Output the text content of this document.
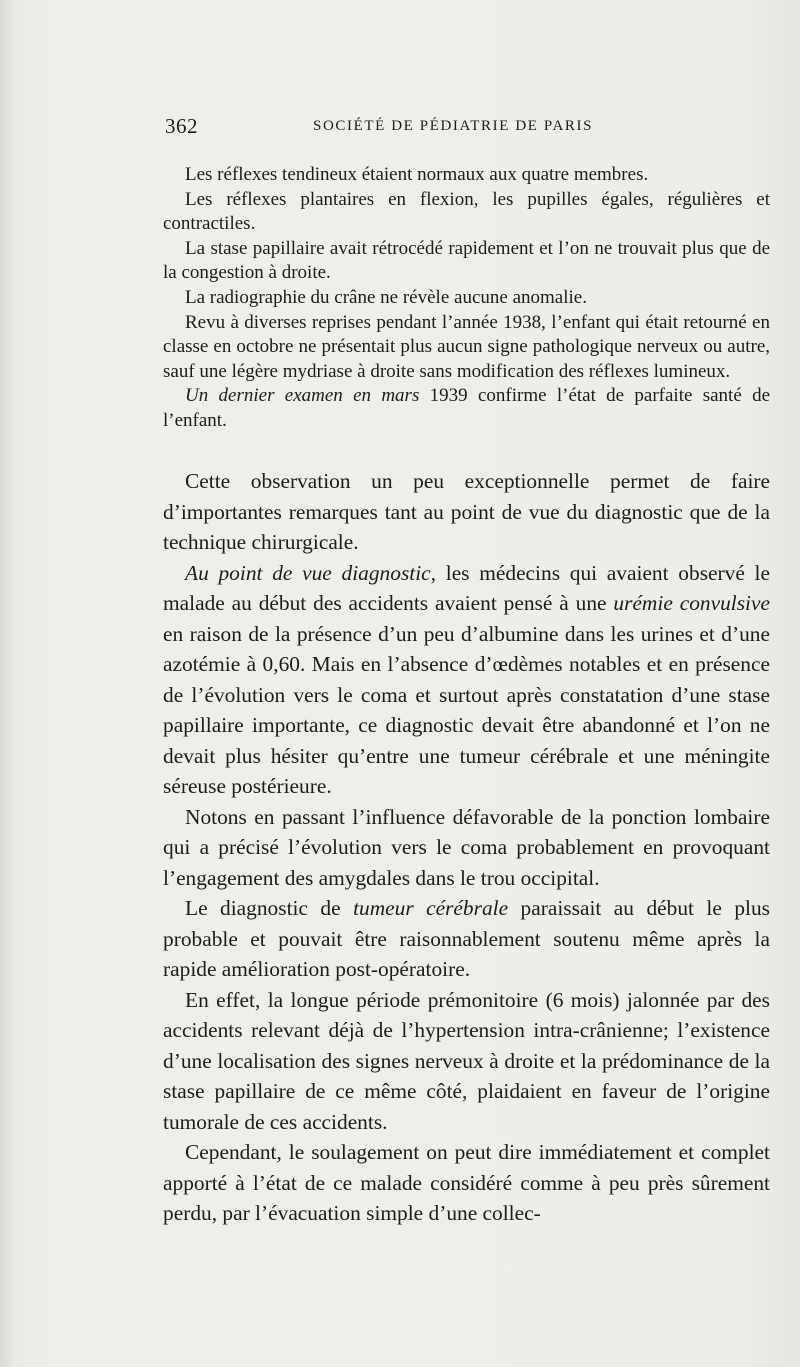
362	SOCIÉTÉ DE PÉDIATRIE DE PARIS

Les réflexes tendineux étaient normaux aux quatre membres.

Les réflexes plantaires en flexion, les pupilles égales, régulières et contractiles.

La stase papillaire avait rétrocédé rapidement et l’on ne trouvait plus que de la congestion à droite.

La radiographie du crâne ne révèle aucune anomalie.

Revu à diverses reprises pendant l’année 1938, l’enfant qui était retourné en classe en octobre ne présentait plus aucun signe pathologique nerveux ou autre, sauf une légère mydriase à droite sans modification des réflexes lumineux.

Un dernier examen en mars 1939 confirme l’état de parfaite santé de l’enfant.

Cette observation un peu exceptionnelle permet de faire d’importantes remarques tant au point de vue du diagnostic que de la technique chirurgicale.

Au point de vue diagnostic, les médecins qui avaient observé le malade au début des accidents avaient pensé à une urémie convulsive en raison de la présence d’un peu d’albumine dans les urines et d’une azotémie à 0,60. Mais en l’absence d’œdèmes notables et en présence de l’évolution vers le coma et surtout après constatation d’une stase papillaire importante, ce diagnostic devait être abandonné et l’on ne devait plus hésiter qu’entre une tumeur cérébrale et une méningite séreuse postérieure.

Notons en passant l’influence défavorable de la ponction lombaire qui a précisé l’évolution vers le coma probablement en provoquant l’engagement des amygdales dans le trou occipital.

Le diagnostic de tumeur cérébrale paraissait au début le plus probable et pouvait être raisonnablement soutenu même après la rapide amélioration post-opératoire.

En effet, la longue période prémonitoire (6 mois) jalonnée par des accidents relevant déjà de l’hypertension intra-crânienne; l’existence d’une localisation des signes nerveux à droite et la prédominance de la stase papillaire de ce même côté, plaidaient en faveur de l’origine tumorale de ces accidents.

Cependant, le soulagement on peut dire immédiatement et complet apporté à l’état de ce malade considéré comme à peu près sûrement perdu, par l’évacuation simple d’une collec-
